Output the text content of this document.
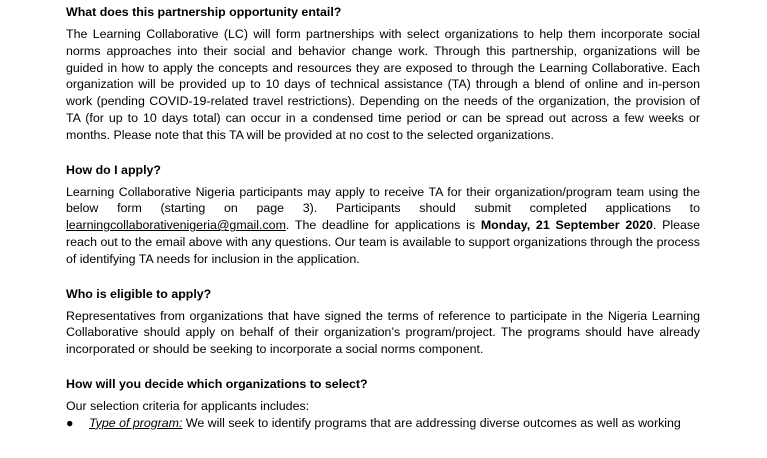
What does this partnership opportunity entail?

The Learning Collaborative (LC) will form partnerships with select organizations to help them incorporate social norms approaches into their social and behavior change work. Through this partnership, organizations will be guided in how to apply the concepts and resources they are exposed to through the Learning Collaborative. Each organization will be provided up to 10 days of technical assistance (TA) through a blend of online and in-person work (pending COVID-19-related travel restrictions). Depending on the needs of the organization, the provision of TA (for up to 10 days total) can occur in a condensed time period or can be spread out across a few weeks or months. Please note that this TA will be provided at no cost to the selected organizations.

How do I apply?

Learning Collaborative Nigeria participants may apply to receive TA for their organization/program team using the below form (starting on page 3). Participants should submit completed applications to learningcollaborativenigeria@gmail.com. The deadline for applications is Monday, 21 September 2020. Please reach out to the email above with any questions. Our team is available to support organizations through the process of identifying TA needs for inclusion in the application.

Who is eligible to apply?

Representatives from organizations that have signed the terms of reference to participate in the Nigeria Learning Collaborative should apply on behalf of their organization’s program/project. The programs should have already incorporated or should be seeking to incorporate a social norms component.

How will you decide which organizations to select?

Our selection criteria for applicants includes:

● Type of program: We will seek to identify programs that are addressing diverse outcomes as well as working
